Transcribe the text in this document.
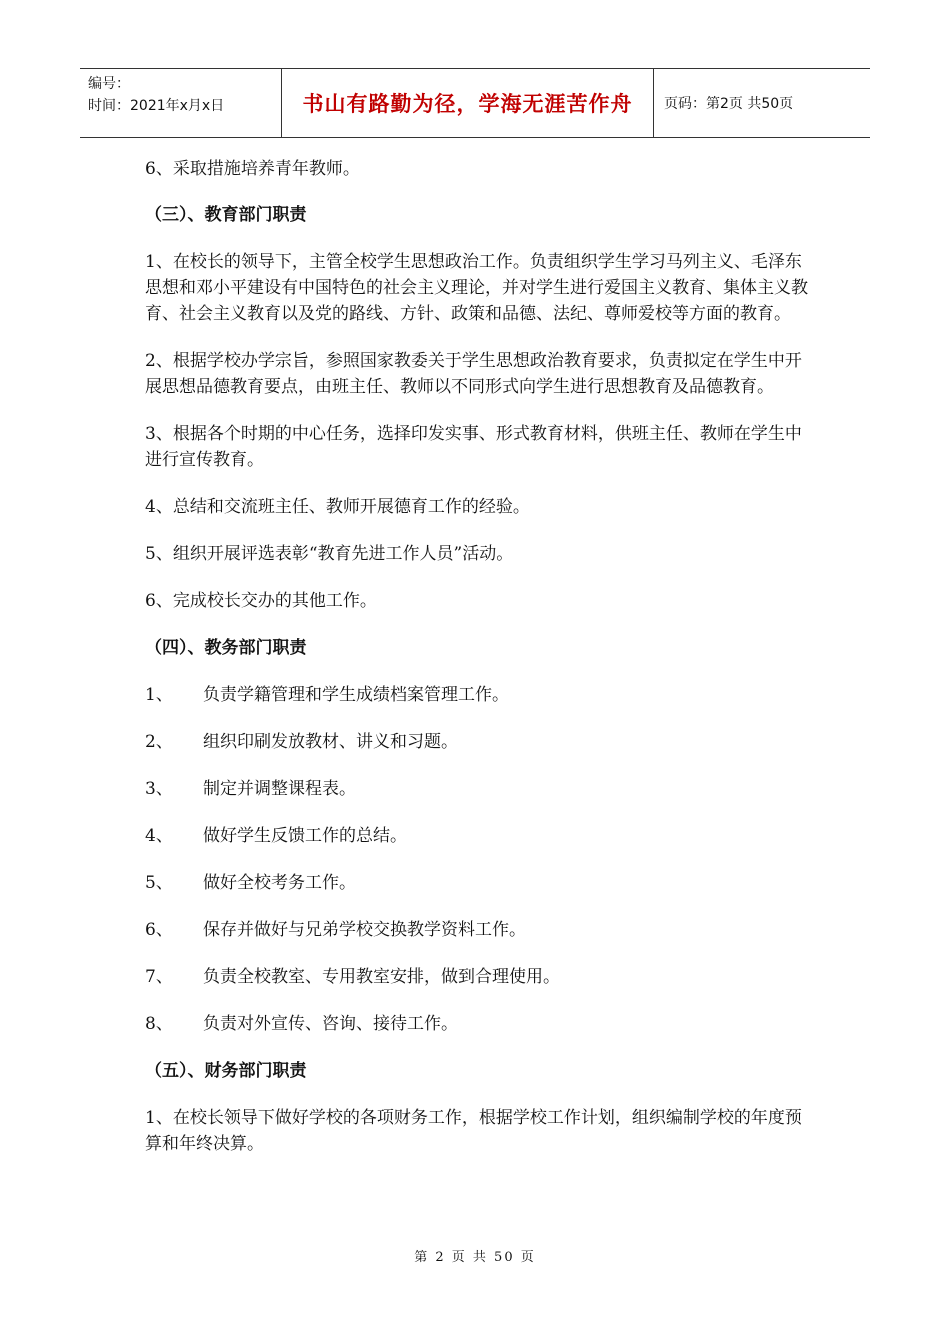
编号：
时间：2021年x月x日	书山有路勤为径，学海无涯苦作舟 页码：第2页 共50页

6、采取措施培养青年教师。

（三）、教育部门职责

1、在校长的领导下，主管全校学生思想政治工作。负责组织学生学习马列主义、毛泽东思想和邓小平建设有中国特色的社会主义理论，并对学生进行爱国主义教育、集体主义教育、社会主义教育以及党的路线、方针、政策和品德、法纪、尊师爱校等方面的教育。

2、根据学校办学宗旨，参照国家教委关于学生思想政治教育要求，负责拟定在学生中开展思想品德教育要点，由班主任、教师以不同形式向学生进行思想教育及品德教育。

3、根据各个时期的中心任务，选择印发实事、形式教育材料，供班主任、教师在学生中进行宣传教育。

4、总结和交流班主任、教师开展德育工作的经验。

5、组织开展评选表彰“教育先进工作人员”活动。

6、完成校长交办的其他工作。

（四）、教务部门职责

1、	负责学籍管理和学生成绩档案管理工作。
2、	组织印刷发放教材、讲义和习题。
3、	制定并调整课程表。
4、	做好学生反馈工作的总结。
5、	做好全校考务工作。
6、	保存并做好与兄弟学校交换教学资料工作。
7、	负责全校教室、专用教室安排，做到合理使用。
8、	负责对外宣传、咨询、接待工作。

（五）、财务部门职责

1、在校长领导下做好学校的各项财务工作，根据学校工作计划，组织编制学校的年度预算和年终决算。

第 2 页 共 50 页
